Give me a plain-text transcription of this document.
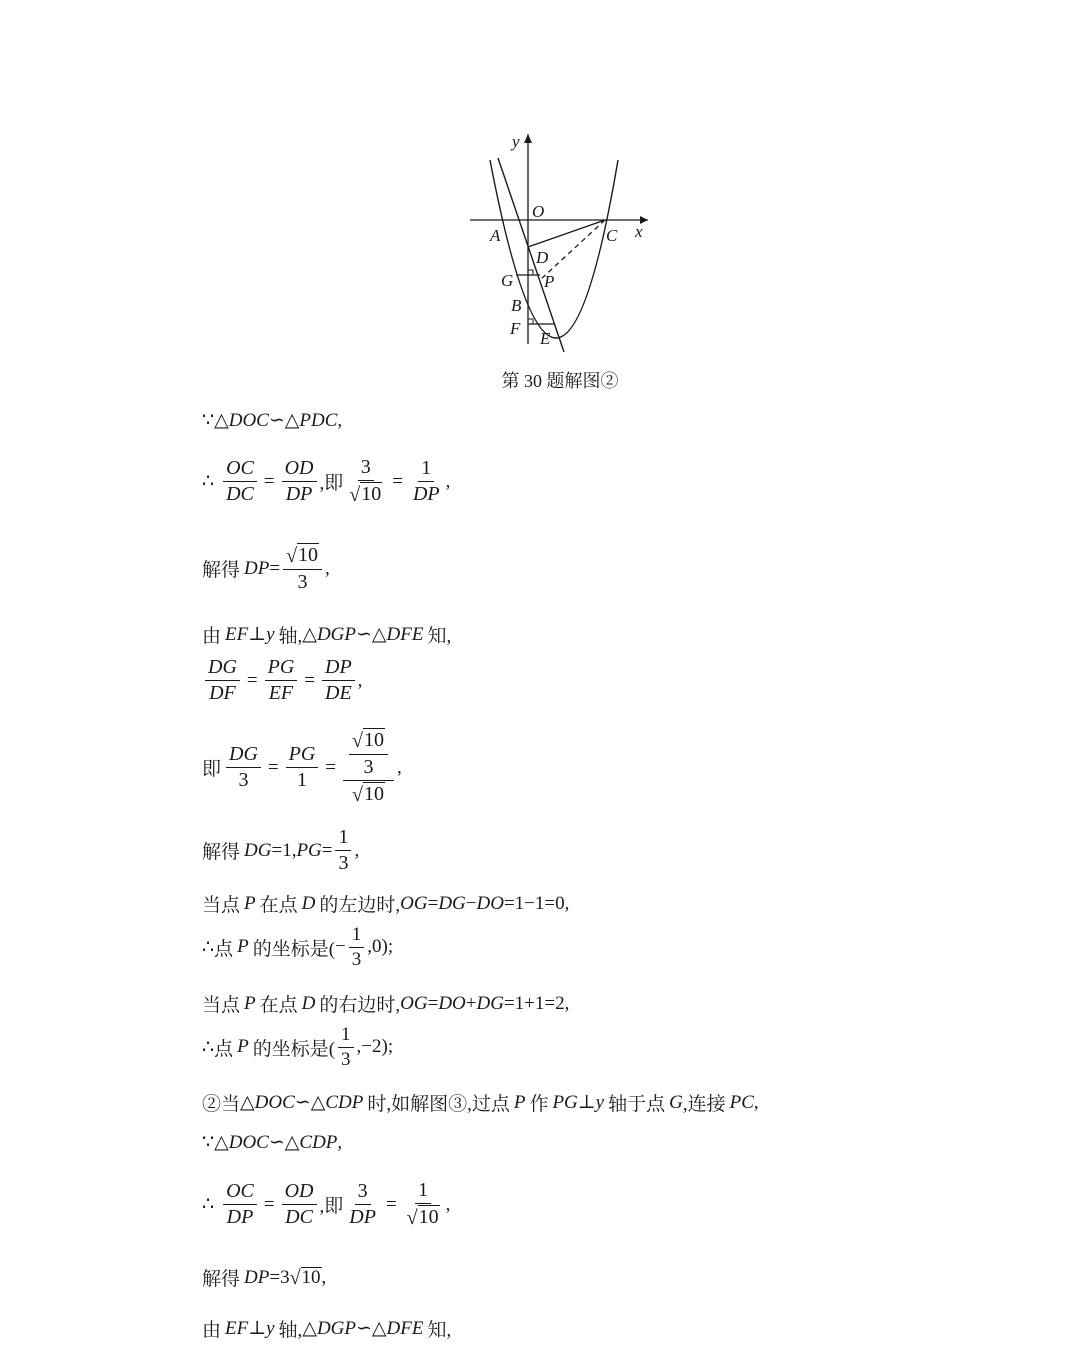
y
x
O
A	C
D
G P
B
F
E
第 30 题解图②
∵ △ DOC ∽ △ PDC ,
∴ $\frac{OC}{DC} = \frac{OD}{DP}$ ,即 $\frac{3}{√ 10} = \frac{1}{DP}$ ,
解得 DP = $\frac{√ 10}{3}$ ,
由 EF ⊥ y 轴, △ DGP ∽ △ DFE 知,
$\frac{DG}{DF} = \frac{PG}{EF} = \frac{DP}{DE}$ ,
即 $\frac{DG}{3} = \frac{PG}{1} = \frac{\frac{√ 10}{3}}{√ 10}$ ,
解得 DG = 1, PG = $\frac{1}{3}$ ,
当点 P 在点 D 的左边时, OG = DG − DO =1−1=0,
∴ 点 P 的坐标是( − $\frac{1}{3} ,0$);
当点 P 在点 D 的右边时, OG = DO + DG =1+1=2,
∴ 点 P 的坐标是( $\frac{1}{3} ,-2$);
②当 △ DOC ∽ △ CDP 时,如解图③,过点 P 作 PG ⊥ y 轴于点 G ,连接 PC ,
∵ △ DOC ∽ △ CDP ,
∴ $\frac{OC}{DP} = \frac{OD}{DC}$ ,即 $\frac{3}{DP} = \frac{1}{√ 10}$ ,
解得 DP = 3 √ 10 ,
由 EF ⊥ y 轴, △ DGP ∽ △ DFE 知,
